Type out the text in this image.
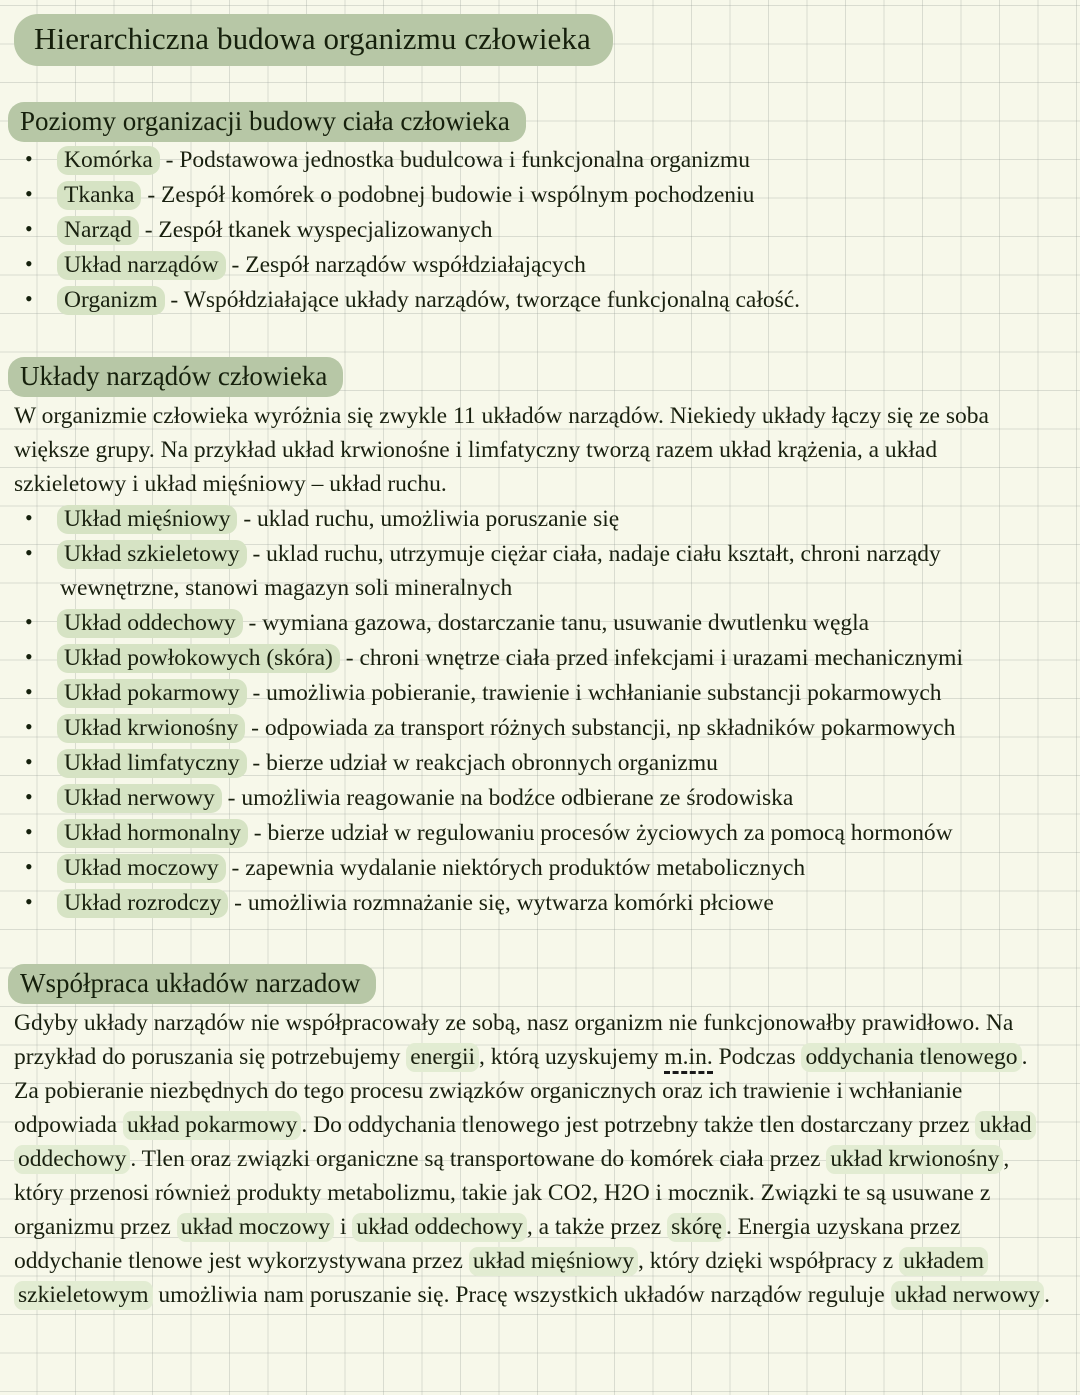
Hierarchiczna budowa organizmu człowieka
Poziomy organizacji budowy ciała człowieka
• Komórka - Podstawowa jednostka budulcowa i funkcjonalna organizmu
• Tkanka - Zespół komórek o podobnej budowie i wspólnym pochodzeniu
• Narząd - Zespół tkanek wyspecjalizowanych
• Układ narządów - Zespół narządów współdziałających
• Organizm - Współdziałające układy narządów, tworzące funkcjonalną całość.
Układy narządów człowieka

W organizmie człowieka wyróżnia się zwykle 11 układów narządów. Niekiedy układy łączy się ze soba większe grupy. Na przykład układ krwionośne i limfatyczny tworzą razem układ krążenia, a układ szkieletowy i układ mięśniowy – układ ruchu.

• Układ mięśniowy - uklad ruchu, umożliwia poruszanie się
• Układ szkieletowy - uklad ruchu, utrzymuje ciężar ciała, nadaje ciału kształt, chroni narządy wewnętrzne, stanowi magazyn soli mineralnych
• Układ oddechowy - wymiana gazowa, dostarczanie tanu, usuwanie dwutlenku węgla
• Układ powłokowych (skóra) - chroni wnętrze ciała przed infekcjami i urazami mechanicznymi
• Układ pokarmowy - umożliwia pobieranie, trawienie i wchłanianie substancji pokarmowych
• Układ krwionośny - odpowiada za transport różnych substancji, np składników pokarmowych
• Układ limfatyczny - bierze udział w reakcjach obronnych organizmu
• Układ nerwowy - umożliwia reagowanie na bodźce odbierane ze środowiska
• Układ hormonalny - bierze udział w regulowaniu procesów życiowych za pomocą hormonów
• Układ moczowy - zapewnia wydalanie niektórych produktów metabolicznych
• Układ rozrodczy - umożliwia rozmnażanie się, wytwarza komórki płciowe
Współpraca układów narzadow

Gdyby układy narządów nie współpracowały ze sobą, nasz organizm nie funkcjonowałby prawidłowo. Na przykład do poruszania się potrzebujemy energii , którą uzyskujemy m.in. Podczas oddychania tlenowego . Za pobieranie niezbędnych do tego procesu związków organicznych oraz ich trawienie i wchłanianie odpowiada układ pokarmowy . Do oddychania tlenowego jest potrzebny także tlen dostarczany przez układ oddechowy . Tlen oraz związki organiczne są transportowane do komórek ciała przez układ krwionośny , który przenosi również produkty metabolizmu, takie jak CO2, H2O i mocznik. Związki te są usuwane z organizmu przez układ moczowy i układ oddechowy , a także przez skórę . Energia uzyskana przez oddychanie tlenowe jest wykorzystywana przez układ mięśniowy , który dzięki współpracy z układem szkieletowym umożliwia nam poruszanie się. Pracę wszystkich układów narządów reguluje układ nerwowy .
